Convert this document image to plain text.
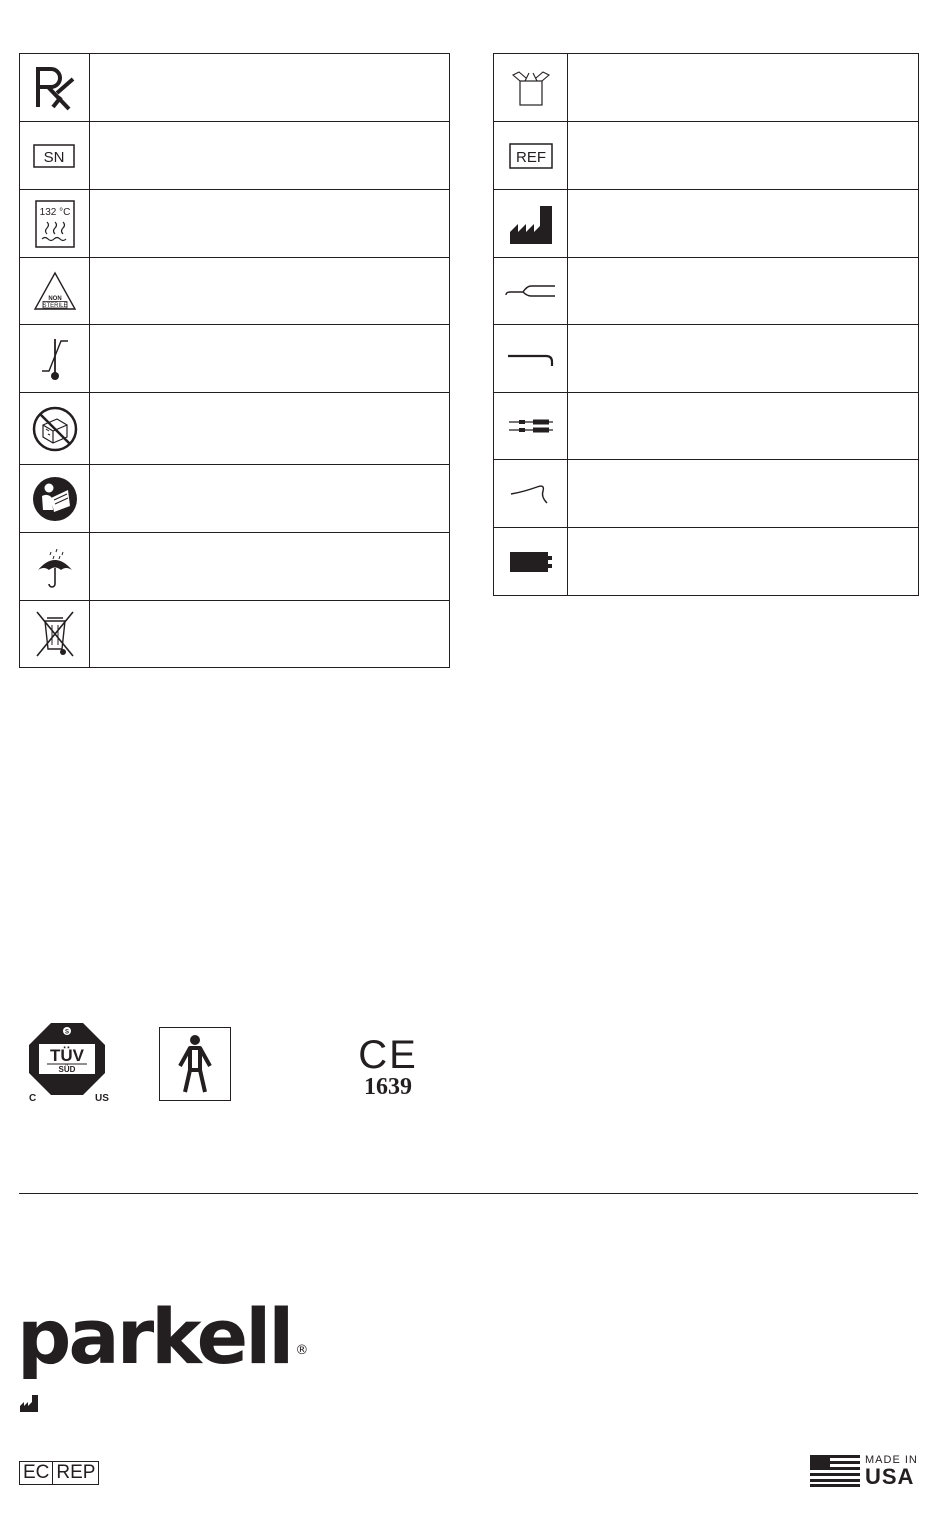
SN	

132 °C	

NON
STERILE	

REF	

S
TÜV
SÜD
C	US
CE
1639
parkell ®
EC REP
MADE IN
USA
